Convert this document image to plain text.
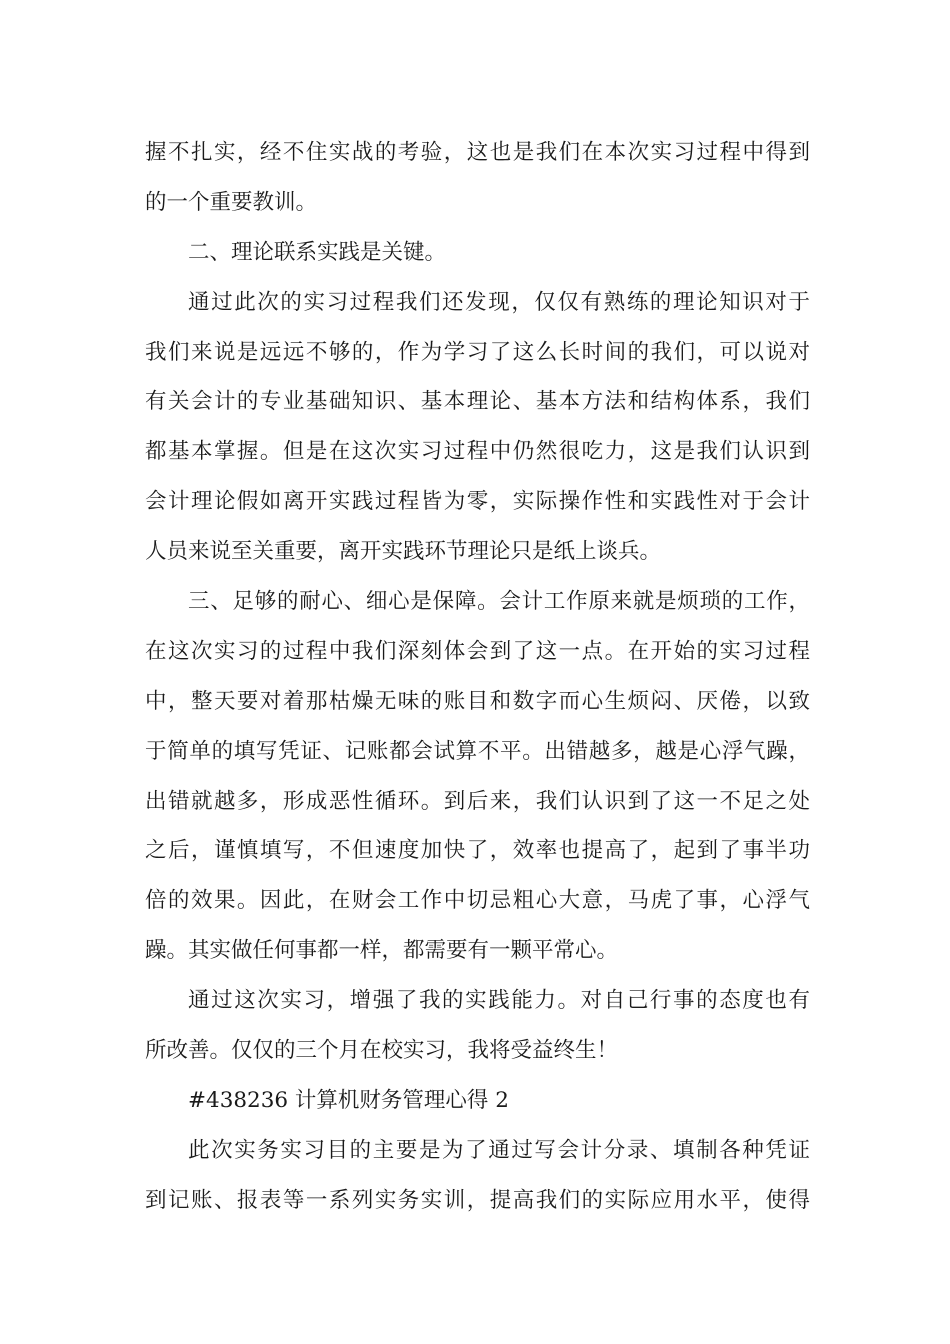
握不扎实，经不住实战的考验，这也是我们在本次实习过程中得到
的一个重要教训。
二、理论联系实践是关键。
通过此次的实习过程我们还发现，仅仅有熟练的理论知识对于
我们来说是远远不够的，作为学习了这么长时间的我们，可以说对
有关会计的专业基础知识、基本理论、基本方法和结构体系，我们
都基本掌握。但是在这次实习过程中仍然很吃力，这是我们认识到
会计理论假如离开实践过程皆为零，实际操作性和实践性对于会计
人员来说至关重要，离开实践环节理论只是纸上谈兵。
三、足够的耐心、细心是保障。会计工作原来就是烦琐的工作，
在这次实习的过程中我们深刻体会到了这一点。在开始的实习过程
中，整天要对着那枯燥无味的账目和数字而心生烦闷、厌倦，以致
于简单的填写凭证、记账都会试算不平。出错越多，越是心浮气躁，
出错就越多，形成恶性循环。到后来，我们认识到了这一不足之处
之后，谨慎填写，不但速度加快了，效率也提高了，起到了事半功
倍的效果。因此，在财会工作中切忌粗心大意，马虎了事，心浮气
躁。其实做任何事都一样，都需要有一颗平常心。
通过这次实习，增强了我的实践能力。对自己行事的态度也有
所改善。仅仅的三个月在校实习，我将受益终生！
#438236 计算机财务管理心得 2
此次实务实习目的主要是为了通过写会计分录、填制各种凭证
到记账、报表等一系列实务实训，提高我们的实际应用水平，使得
